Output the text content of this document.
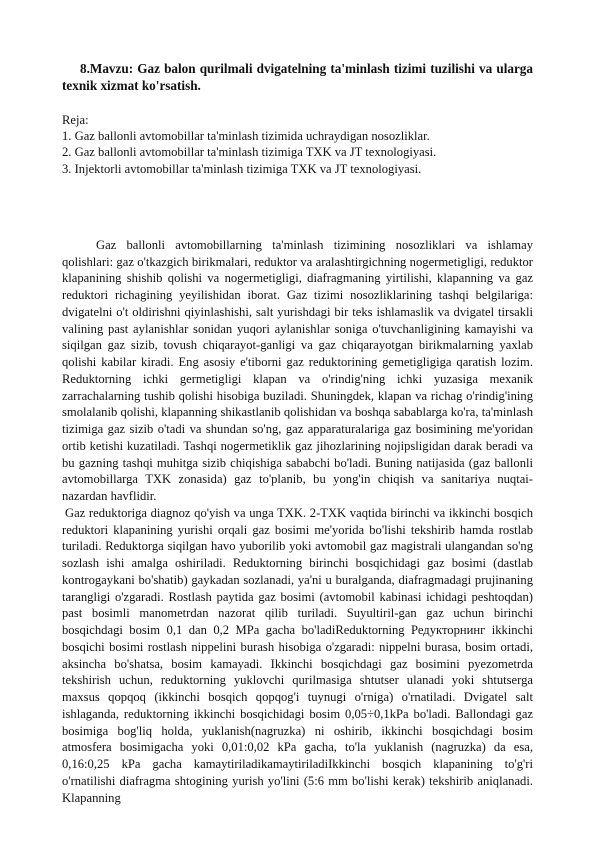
8.Mavzu: Gaz balon qurilmali dvigatelning ta'minlash tizimi tuzilishi va ularga texnik xizmat ko'rsatish.

Reja:
1. Gaz ballonli avtomobillar ta'minlash tizimida uchraydigan nosozliklar.
2. Gaz ballonli avtomobillar ta'minlash tizimiga TXK va JT texnologiyasi.
3. Injektorli avtomobillar ta'minlash tizimiga TXK va JT texnologiyasi.

Gaz ballonli avtomobillarning ta'minlash tizimining nosozliklari va ishlamay qolishlari: gaz o'tkazgich birikmalari, reduktor va aralashtirgichning nogermetigligi, reduktor klapanining shishib qolishi va nogermetigligi, diafragmaning yirtilishi, klapanning va gaz reduktori richagining yeyilishidan iborat. Gaz tizimi nosozliklarining tashqi belgilariga: dvigatelni o't oldirishni qiyinlashishi, salt yurishdagi bir teks ishlamaslik va dvigatel tirsakli valining past aylanishlar sonidan yuqori aylanishlar soniga o'tuvchanligining kamayishi va siqilgan gaz sizib, tovush chiqarayot-ganligi va gaz chiqarayotgan birikmalarning yaxlab qolishi kabilar kiradi. Eng asosiy e'tiborni gaz reduktorining gemetigligiga qaratish lozim. Reduktorning ichki germetigligi klapan va o'rindig'ning ichki yuzasiga mexanik zarrachalarning tushib qolishi hisobiga buziladi. Shuningdek, klapan va richag o'rindig'ining smolalanib qolishi, klapanning shikastlanib qolishidan va boshqa sabablarga ko'ra, ta'minlash tizimiga gaz sizib o'tadi va shundan so'ng, gaz apparaturalariga gaz bosimining me'yoridan ortib ketishi kuzatiladi. Tashqi nogermetiklik gaz jihozlarining nojipsligidan darak beradi va bu gazning tashqi muhitga sizib chiqishiga sababchi bo'ladi. Buning natijasida (gaz ballonli avtomobillarga TXK zonasida) gaz to'planib, bu yong'in chiqish va sanitariya nuqtai-nazardan havflidir.

Gaz reduktoriga diagnoz qo'yish va unga TXK. 2-TXK vaqtida birinchi va ikkinchi bosqich reduktori klapanining yurishi orqali gaz bosimi me'yorida bo'lishi tekshirib hamda rostlab turiladi. Reduktorga siqilgan havo yuborilib yoki avtomobil gaz magistrali ulangandan so'ng sozlash ishi amalga oshiriladi. Reduktorning birinchi bosqichidagi gaz bosimi (dastlab kontrogaykani bo'shatib) gaykadan sozlanadi, ya'ni u buralganda, diafragmadagi prujinaning tarangligi o'zgaradi. Rostlash paytida gaz bosimi (avtomobil kabinasi ichidagi peshtoqdan) past bosimli manometrdan nazorat qilib turiladi. Suyultiril-gan gaz uchun birinchi bosqichdagi bosim 0,1 dan 0,2 MPa gacha bo'ladiReduktorning Редукторнинг ikkinchi bosqichi bosimi rostlash nippelini burash hisobiga o'zgaradi: nippelni burasa, bosim ortadi, aksincha bo'shatsa, bosim kamayadi. Ikkinchi bosqichdagi gaz bosimini pyezometrda tekshirish uchun, reduktorning yuklovchi qurilmasiga shtutser ulanadi yoki shtutserga maxsus qopqoq (ikkinchi bosqich qopqog'i tuynugi o'rniga) o'rnatiladi. Dvigatel salt ishlaganda, reduktorning ikkinchi bosqichidagi bosim 0,05÷0,1kPa bo'ladi. Ballondagi gaz bosimiga bog'liq holda, yuklanish(nagruzka) ni oshirib, ikkinchi bosqichdagi bosim atmosfera bosimigacha yoki 0,01:0,02 kPa gacha, to'la yuklanish (nagruzka) da esa, 0,16:0,25 kPa gacha kamaytiriladikamaytiriladiIkkinchi bosqich klapanining to'g'ri o'rnatilishi diafragma shtogining yurish yo'lini (5:6 mm bo'lishi kerak) tekshirib aniqlanadi. Klapanning
